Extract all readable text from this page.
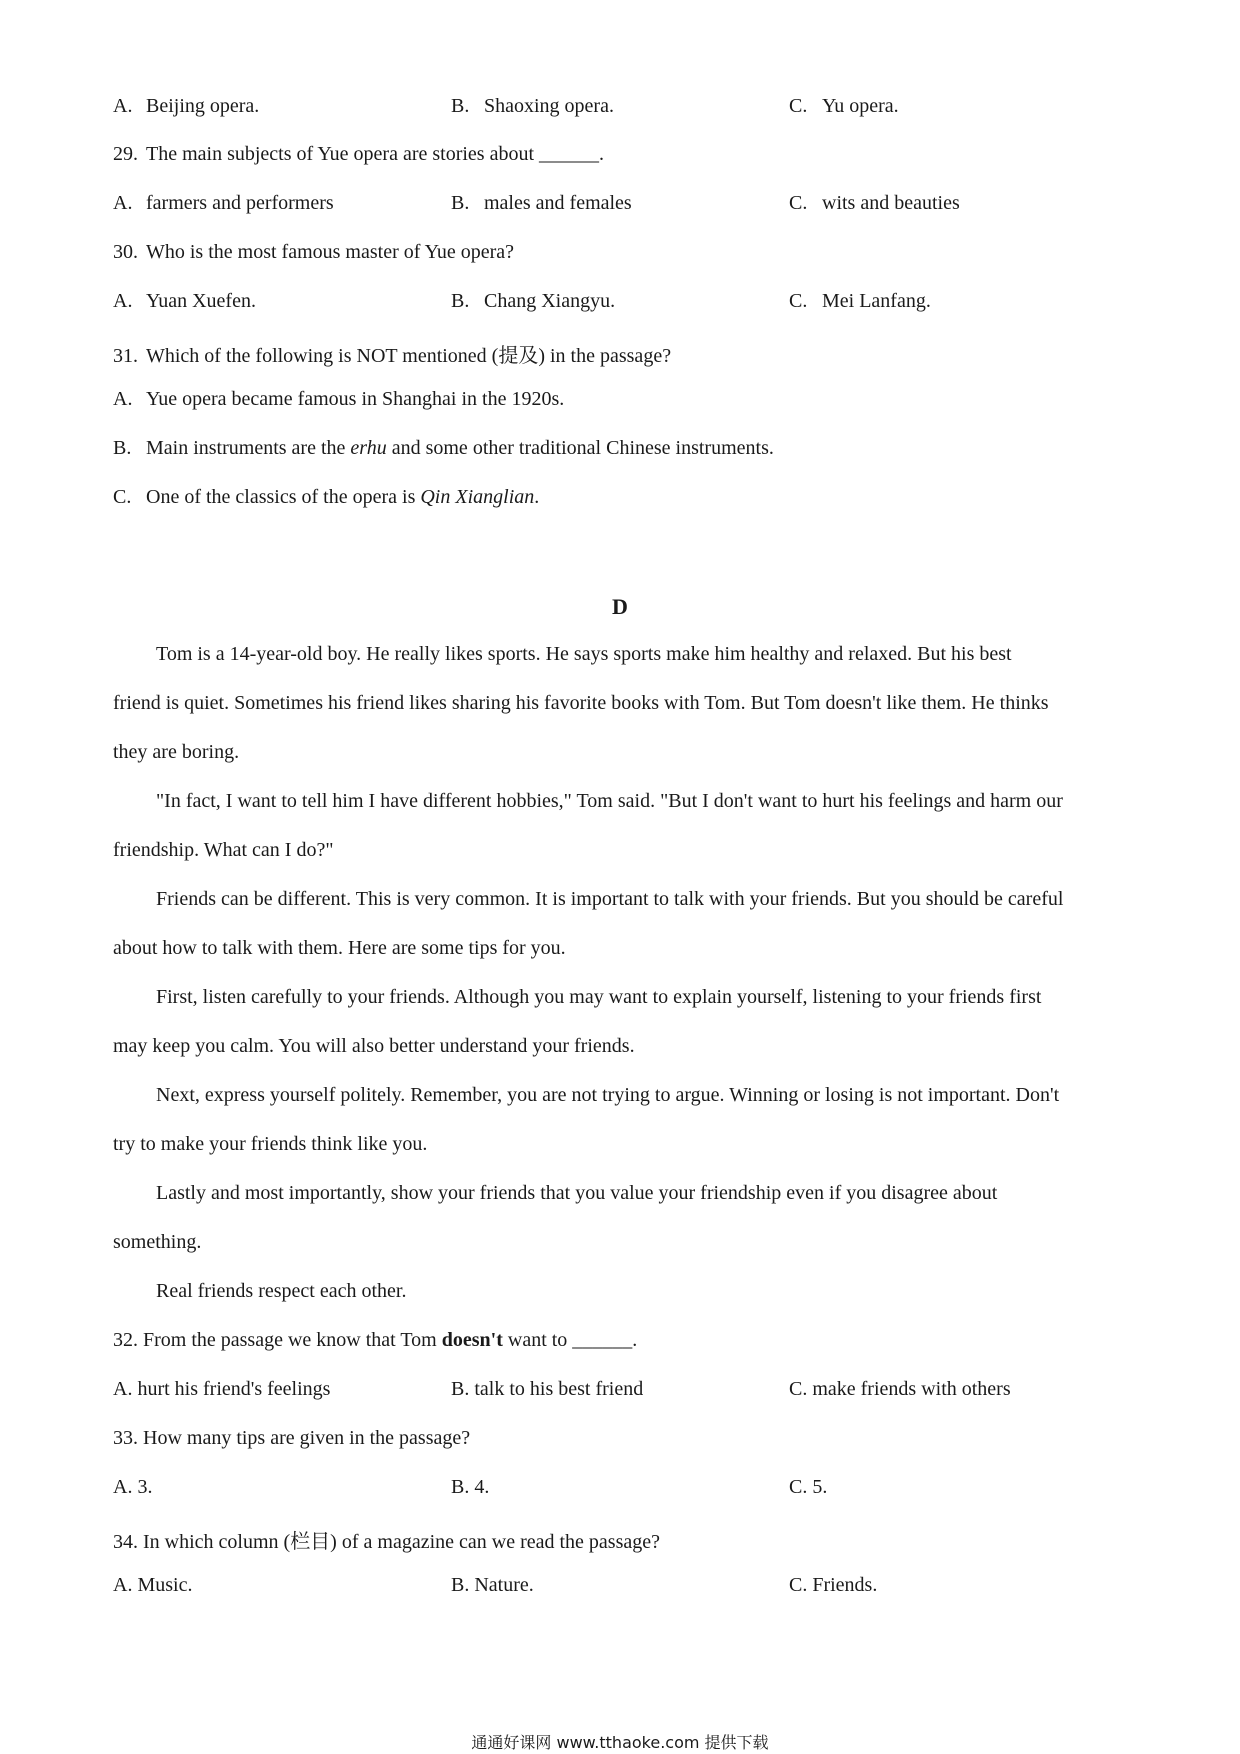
A. Beijing opera.	B. Shaoxing opera.	C. Yu opera.
29. The main subjects of Yue opera are stories about ______.
A. farmers and performers	B. males and females	C. wits and beauties
30. Who is the most famous master of Yue opera?
A. Yuan Xuefen.	B. Chang Xiangyu.	C. Mei Lanfang.
31. Which of the following is NOT mentioned (提及) in the passage?
A. Yue opera became famous in Shanghai in the 1920s.
B. Main instruments are the erhu and some other traditional Chinese instruments.
C. One of the classics of the opera is Qin Xianglian.
D
Tom is a 14-year-old boy. He really likes sports. He says sports make him healthy and relaxed. But his best
friend is quiet. Sometimes his friend likes sharing his favorite books with Tom. But Tom doesn't like them. He thinks
they are boring.
"In fact, I want to tell him I have different hobbies," Tom said. "But I don't want to hurt his feelings and harm our
friendship. What can I do?"
Friends can be different. This is very common. It is important to talk with your friends. But you should be careful
about how to talk with them. Here are some tips for you.
First, listen carefully to your friends. Although you may want to explain yourself, listening to your friends first
may keep you calm. You will also better understand your friends.
Next, express yourself politely. Remember, you are not trying to argue. Winning or losing is not important. Don't
try to make your friends think like you.
Lastly and most importantly, show your friends that you value your friendship even if you disagree about
something.
Real friends respect each other.
32. From the passage we know that Tom doesn't want to ______.
A. hurt his friend's feelings	B. talk to his best friend	C. make friends with others
33. How many tips are given in the passage?
A. 3.	B. 4.	C. 5.
34. In which column (栏目) of a magazine can we read the passage?
A. Music.	B. Nature.	C. Friends.
通通好课网 www.tthaoke.com 提供下载
